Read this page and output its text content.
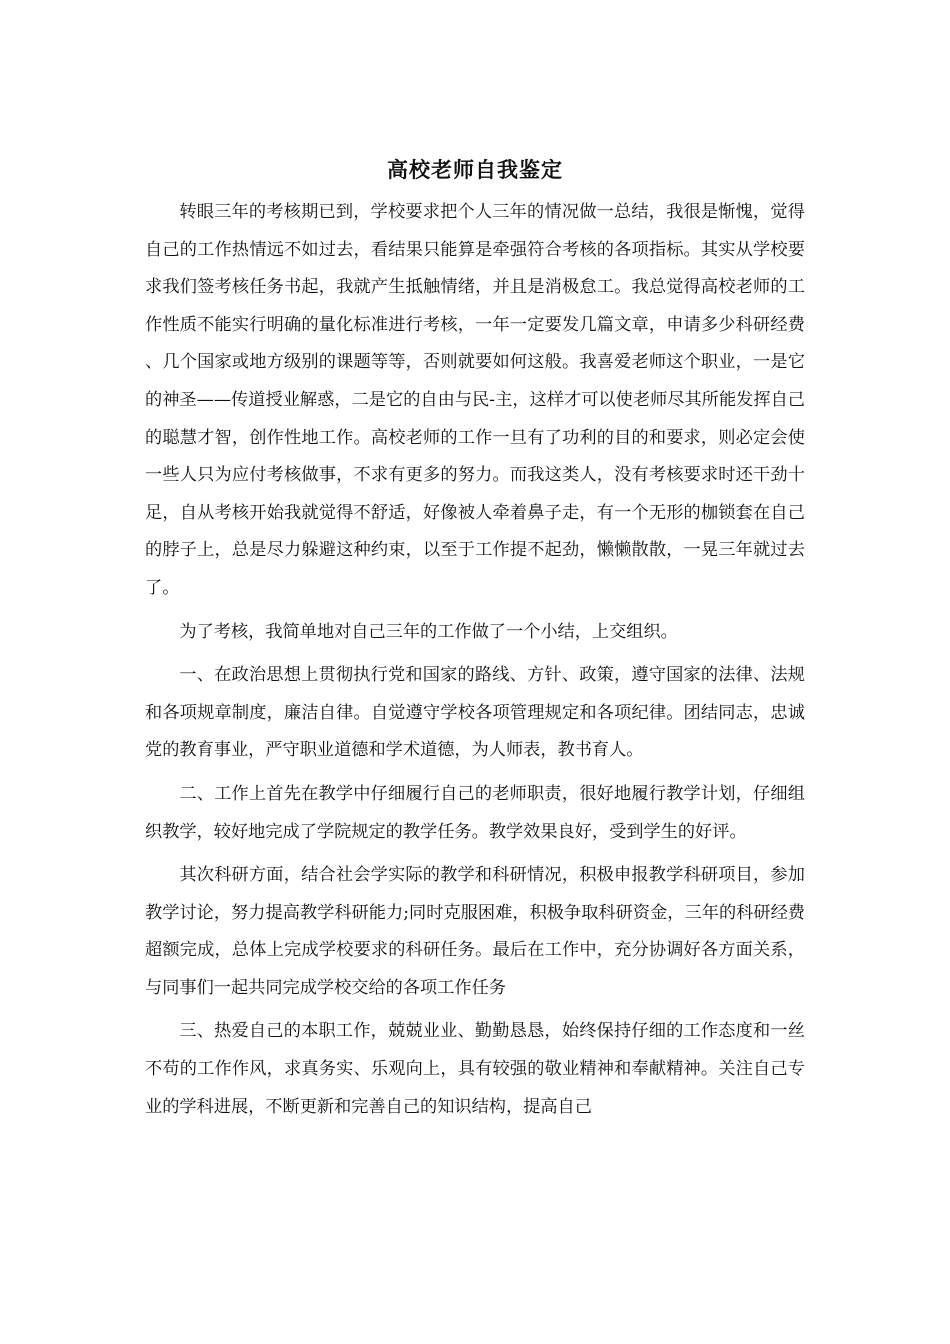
高校老师自我鉴定

转眼三年的考核期已到，学校要求把个人三年的情况做一总结，我很是惭愧，觉得自己的工作热情远不如过去，看结果只能算是牵强符合考核的各项指标。其实从学校要求我们签考核任务书起，我就产生抵触情绪，并且是消极怠工。我总觉得高校老师的工作性质不能实行明确的量化标准进行考核，一年一定要发几篇文章，申请多少科研经费、几个国家或地方级别的课题等等，否则就要如何这般。我喜爱老师这个职业，一是它的神圣——传道授业解惑，二是它的自由与民-主，这样才可以使老师尽其所能发挥自己的聪慧才智，创作性地工作。高校老师的工作一旦有了功利的目的和要求，则必定会使一些人只为应付考核做事，不求有更多的努力。而我这类人，没有考核要求时还干劲十足，自从考核开始我就觉得不舒适，好像被人牵着鼻子走，有一个无形的枷锁套在自己的脖子上，总是尽力躲避这种约束，以至于工作提不起劲，懒懒散散，一晃三年就过去了。

为了考核，我简单地对自己三年的工作做了一个小结，上交组织。

一、在政治思想上贯彻执行党和国家的路线、方针、政策，遵守国家的法律、法规和各项规章制度，廉洁自律。自觉遵守学校各项管理规定和各项纪律。团结同志，忠诚党的教育事业，严守职业道德和学术道德，为人师表，教书育人。

二、工作上首先在教学中仔细履行自己的老师职责，很好地履行教学计划，仔细组织教学，较好地完成了学院规定的教学任务。教学效果良好，受到学生的好评。

其次科研方面，结合社会学实际的教学和科研情况，积极申报教学科研项目，参加教学讨论，努力提高教学科研能力;同时克服困难，积极争取科研资金，三年的科研经费超额完成，总体上完成学校要求的科研任务。最后在工作中，充分协调好各方面关系，与同事们一起共同完成学校交给的各项工作任务

三、热爱自己的本职工作，兢兢业业、勤勤恳恳，始终保持仔细的工作态度和一丝不苟的工作作风，求真务实、乐观向上，具有较强的敬业精神和奉献精神。关注自己专业的学科进展，不断更新和完善自己的知识结构，提高自己
